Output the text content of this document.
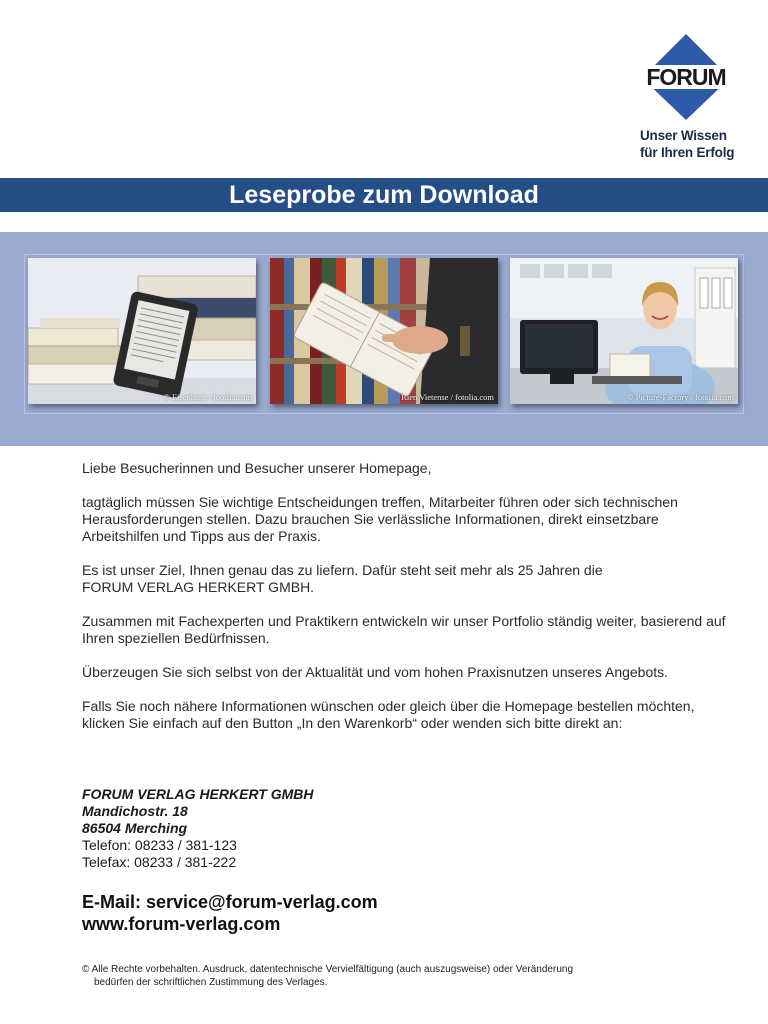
FORUM
Unser Wissen
für Ihren Erfolg
Leseprobe zum Download
© Eisenhans / fotolia.com	Rien Vietense / fotolia.com	© Picture-Factory / fotolia.com

Liebe Besucherinnen und Besucher unserer Homepage,

tagtäglich müssen Sie wichtige Entscheidungen treffen, Mitarbeiter führen oder sich technischen Herausforderungen stellen. Dazu brauchen Sie verlässliche Informationen, direkt einsetzbare Arbeitshilfen und Tipps aus der Praxis.

Es ist unser Ziel, Ihnen genau das zu liefern. Dafür steht seit mehr als 25 Jahren die
FORUM VERLAG HERKERT GMBH.

Zusammen mit Fachexperten und Praktikern entwickeln wir unser Portfolio ständig weiter, basierend auf Ihren speziellen Bedürfnissen.

Überzeugen Sie sich selbst von der Aktualität und vom hohen Praxisnutzen unseres Angebots.

Falls Sie noch nähere Informationen wünschen oder gleich über die Homepage bestellen möchten, klicken Sie einfach auf den Button „In den Warenkorb“ oder wenden sich bitte direkt an:

FORUM VERLAG HERKERT GMBH
Mandichostr. 18
86504 Merching
Telefon: 08233 / 381-123
Telefax: 08233 / 381-222
E-Mail: service@forum-verlag.com
www.forum-verlag.com
© Alle Rechte vorbehalten. Ausdruck, datentechnische Vervielfältigung (auch auszugsweise) oder Veränderung
bedürfen der schriftlichen Zustimmung des Verlages.
